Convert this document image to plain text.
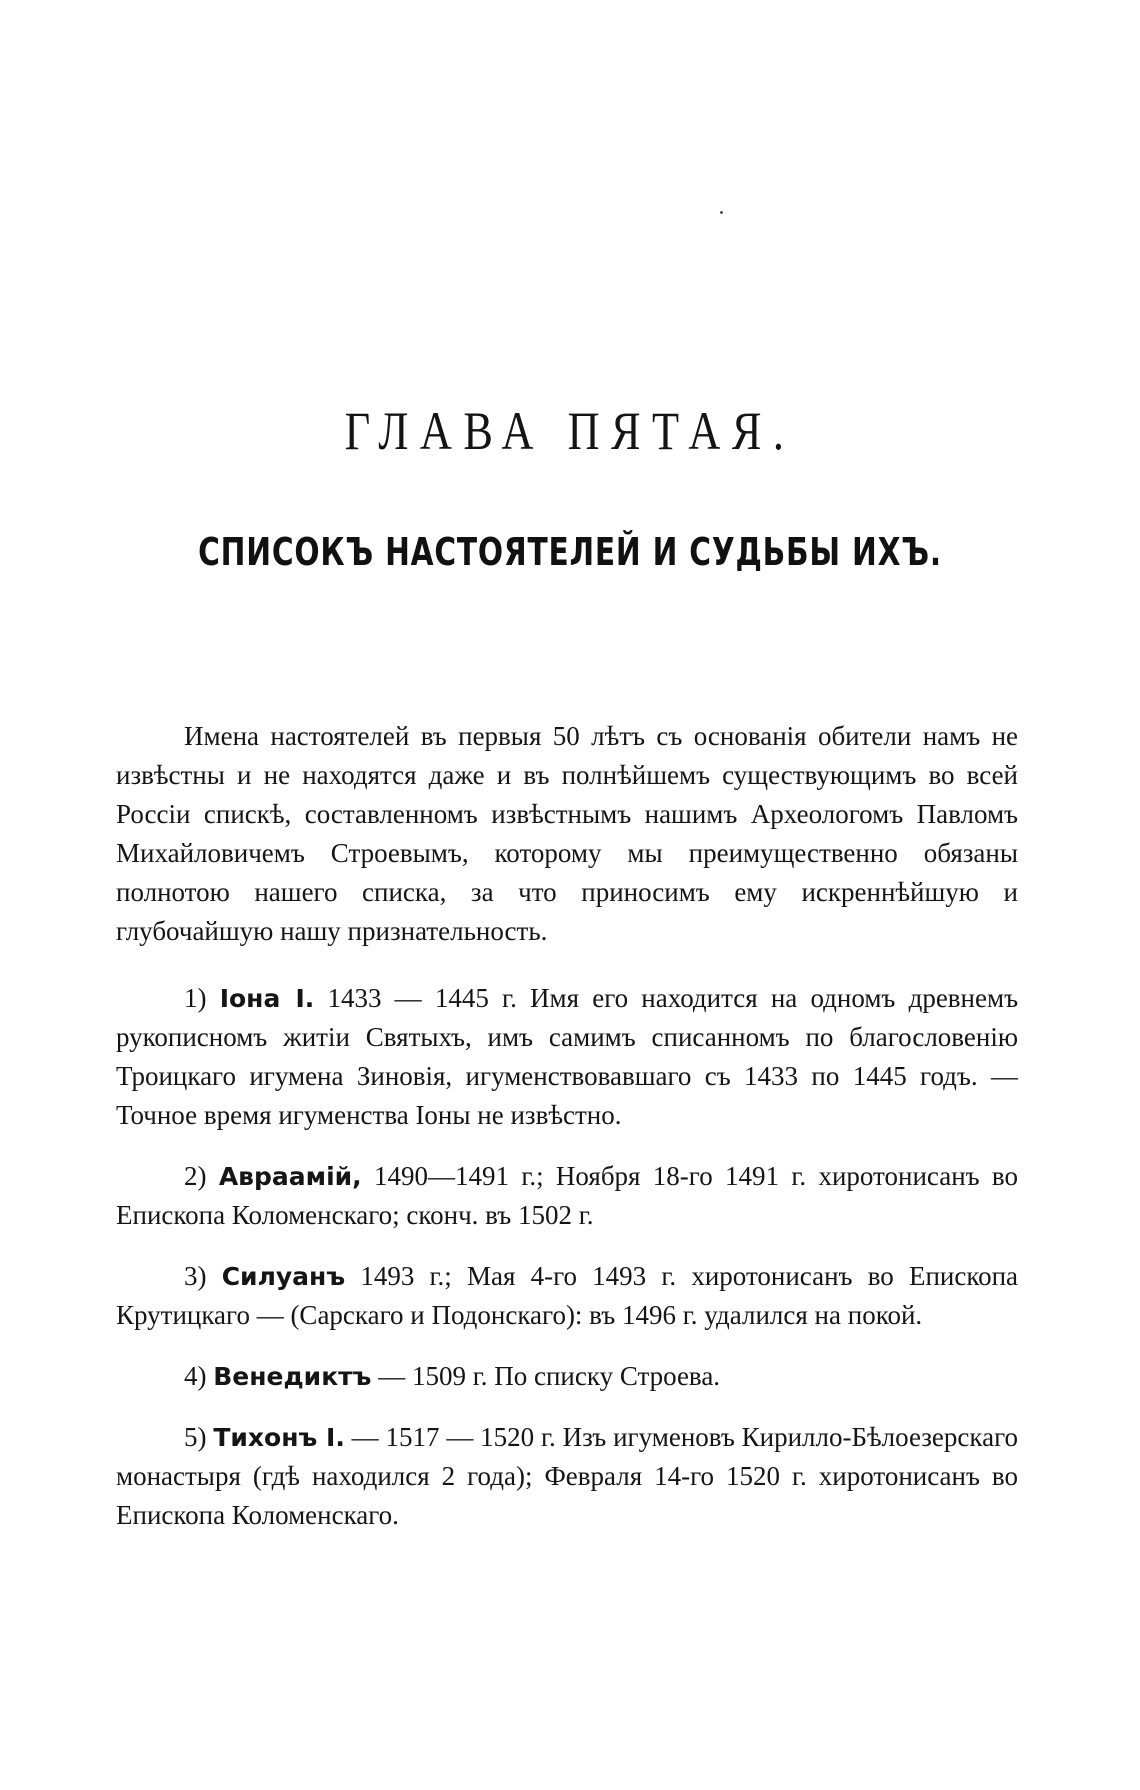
ГЛАВА ПЯТАЯ.
СПИСОКЪ НАСТОЯТЕЛЕЙ И СУДЬБЫ ИХЪ.

Имена настоятелей въ первыя 50 лѣтъ съ основанія обители намъ не извѣстны и не находятся даже и въ полнѣйшемъ существующимъ во всей Россіи спискѣ, составленномъ извѣстнымъ нашимъ Археологомъ Павломъ Михайловичемъ Строевымъ, которому мы преимущественно обязаны полнотою нашего списка, за что приносимъ ему искреннѣйшую и глубочайшую нашу признательность.

1) Іона I. 1433 — 1445 г. Имя его находится на одномъ древнемъ рукописномъ житіи Святыхъ, имъ самимъ списанномъ по благословенію Троицкаго игумена Зиновія, игуменствовавшаго съ 1433 по 1445 годъ. — Точное время игуменства Іоны не извѣстно.

2) Авраамій, 1490—1491 г.; Ноября 18-го 1491 г. хиротонисанъ во Епископа Коломенскаго; сконч. въ 1502 г.

3) Силуанъ 1493 г.; Мая 4-го 1493 г. хиротонисанъ во Епископа Крутицкаго — (Сарскаго и Подонскаго): въ 1496 г. удалился на покой.

4) Венедиктъ — 1509 г. По списку Строева.

5) Тихонъ I. — 1517 — 1520 г. Изъ игуменовъ Кирилло-Бѣлоезерскаго монастыря (гдѣ находился 2 года); Февраля 14-го 1520 г. хиротонисанъ во Епископа Коломенскаго.
